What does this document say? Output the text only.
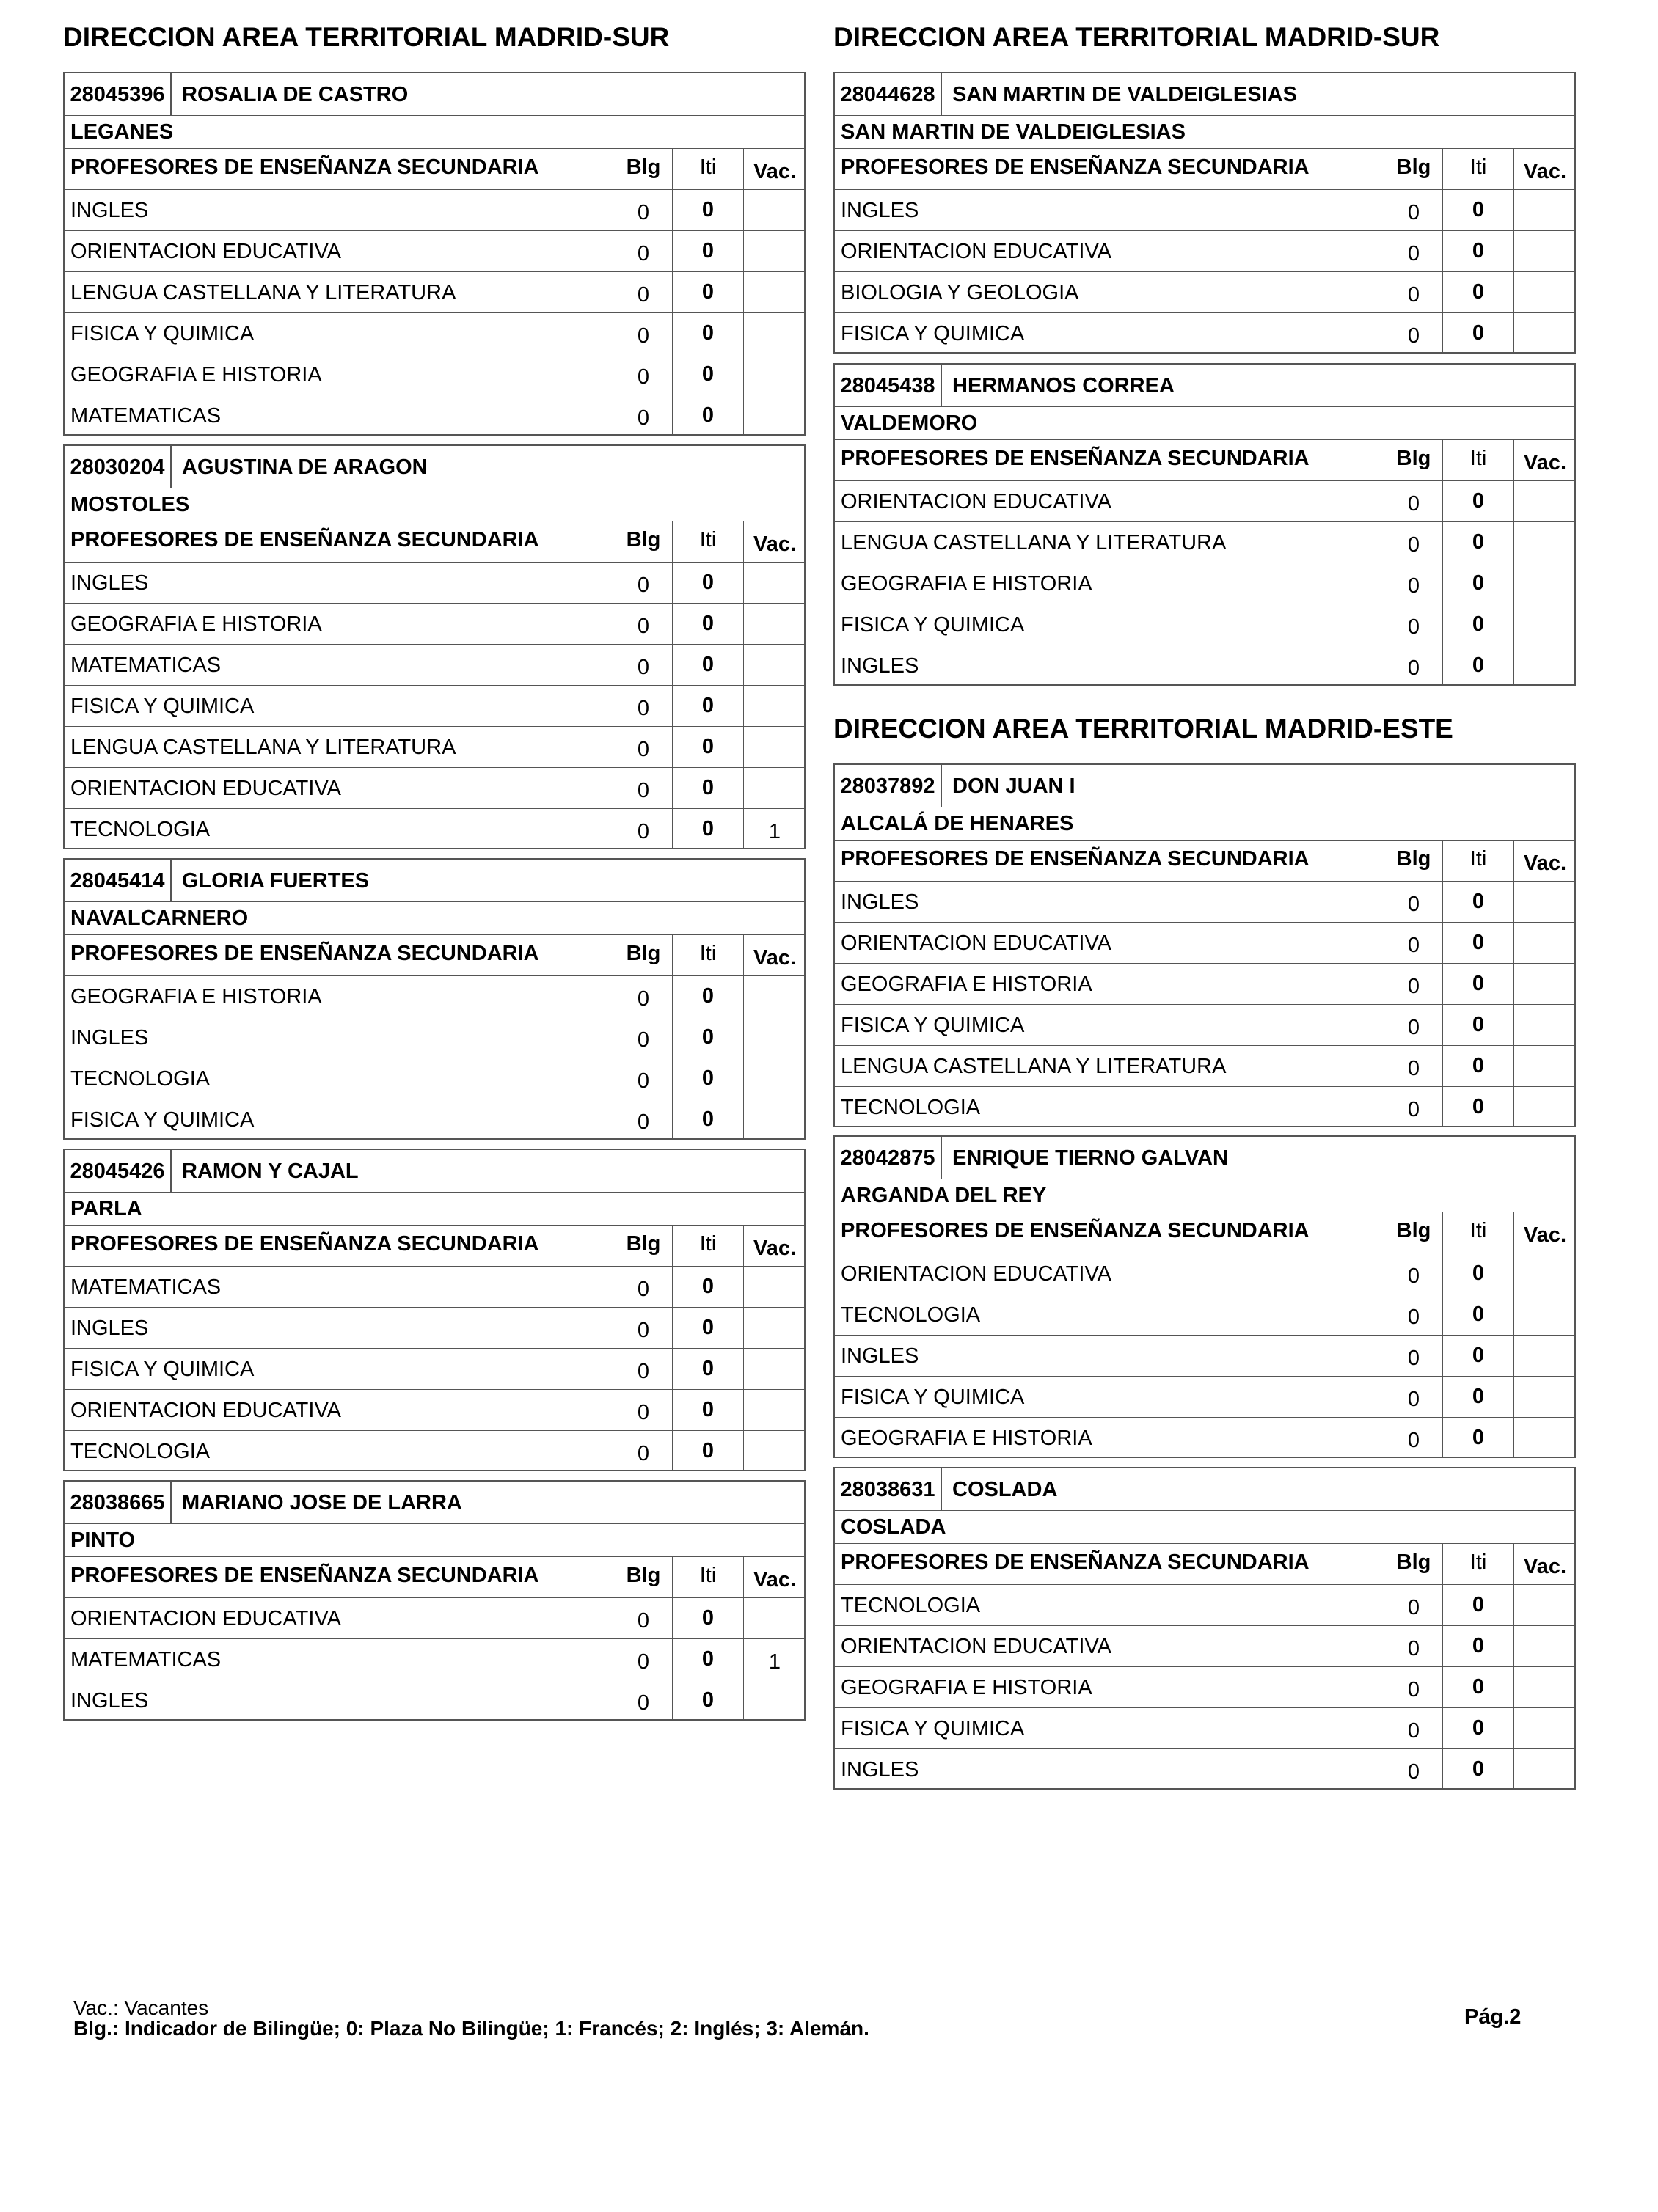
DIRECCION AREA TERRITORIAL MADRID-SUR
28045396 ROSALIA DE CASTRO
LEGANES
PROFESORES DE ENSEÑANZA SECUNDARIA	Blg	Iti	Vac.
INGLES	0	0
ORIENTACION EDUCATIVA	0	0
LENGUA CASTELLANA Y LITERATURA	0	0
FISICA Y QUIMICA	0	0
GEOGRAFIA E HISTORIA	0	0
MATEMATICAS	0	0
28030204 AGUSTINA DE ARAGON
MOSTOLES
PROFESORES DE ENSEÑANZA SECUNDARIA	Blg	Iti	Vac.
INGLES	0	0
GEOGRAFIA E HISTORIA	0	0
MATEMATICAS	0	0
FISICA Y QUIMICA	0	0
LENGUA CASTELLANA Y LITERATURA	0	0
ORIENTACION EDUCATIVA	0	0
TECNOLOGIA	0	0	1
28045414 GLORIA FUERTES
NAVALCARNERO
PROFESORES DE ENSEÑANZA SECUNDARIA	Blg	Iti	Vac.
GEOGRAFIA E HISTORIA	0	0
INGLES	0	0
TECNOLOGIA	0	0
FISICA Y QUIMICA	0	0
28045426 RAMON Y CAJAL
PARLA
PROFESORES DE ENSEÑANZA SECUNDARIA	Blg	Iti	Vac.
MATEMATICAS	0	0
INGLES	0	0
FISICA Y QUIMICA	0	0
ORIENTACION EDUCATIVA	0	0
TECNOLOGIA	0	0
28038665 MARIANO JOSE DE LARRA
PINTO
PROFESORES DE ENSEÑANZA SECUNDARIA	Blg	Iti	Vac.
ORIENTACION EDUCATIVA	0	0
MATEMATICAS	0	0	1
INGLES	0	0
DIRECCION AREA TERRITORIAL MADRID-SUR
28044628 SAN MARTIN DE VALDEIGLESIAS
SAN MARTIN DE VALDEIGLESIAS
PROFESORES DE ENSEÑANZA SECUNDARIA	Blg	Iti	Vac.
INGLES	0	0
ORIENTACION EDUCATIVA	0	0
BIOLOGIA Y GEOLOGIA	0	0
FISICA Y QUIMICA	0	0
28045438 HERMANOS CORREA
VALDEMORO
PROFESORES DE ENSEÑANZA SECUNDARIA	Blg	Iti	Vac.
ORIENTACION EDUCATIVA	0	0
LENGUA CASTELLANA Y LITERATURA	0	0
GEOGRAFIA E HISTORIA	0	0
FISICA Y QUIMICA	0	0
INGLES	0	0
DIRECCION AREA TERRITORIAL MADRID-ESTE
28037892 DON JUAN I
ALCALÁ DE HENARES
PROFESORES DE ENSEÑANZA SECUNDARIA	Blg	Iti	Vac.
INGLES	0	0
ORIENTACION EDUCATIVA	0	0
GEOGRAFIA E HISTORIA	0	0
FISICA Y QUIMICA	0	0
LENGUA CASTELLANA Y LITERATURA	0	0
TECNOLOGIA	0	0
28042875 ENRIQUE TIERNO GALVAN
ARGANDA DEL REY
PROFESORES DE ENSEÑANZA SECUNDARIA	Blg	Iti	Vac.
ORIENTACION EDUCATIVA	0	0
TECNOLOGIA	0	0
INGLES	0	0
FISICA Y QUIMICA	0	0
GEOGRAFIA E HISTORIA	0	0
28038631 COSLADA
COSLADA
PROFESORES DE ENSEÑANZA SECUNDARIA	Blg	Iti	Vac.
TECNOLOGIA	0	0
ORIENTACION EDUCATIVA	0	0
GEOGRAFIA E HISTORIA	0	0
FISICA Y QUIMICA	0	0
INGLES	0	0
Vac.: Vacantes
Blg.: Indicador de Bilingüe; 0: Plaza No Bilingüe; 1: Francés; 2: Inglés; 3: Alemán.	Pág.2
